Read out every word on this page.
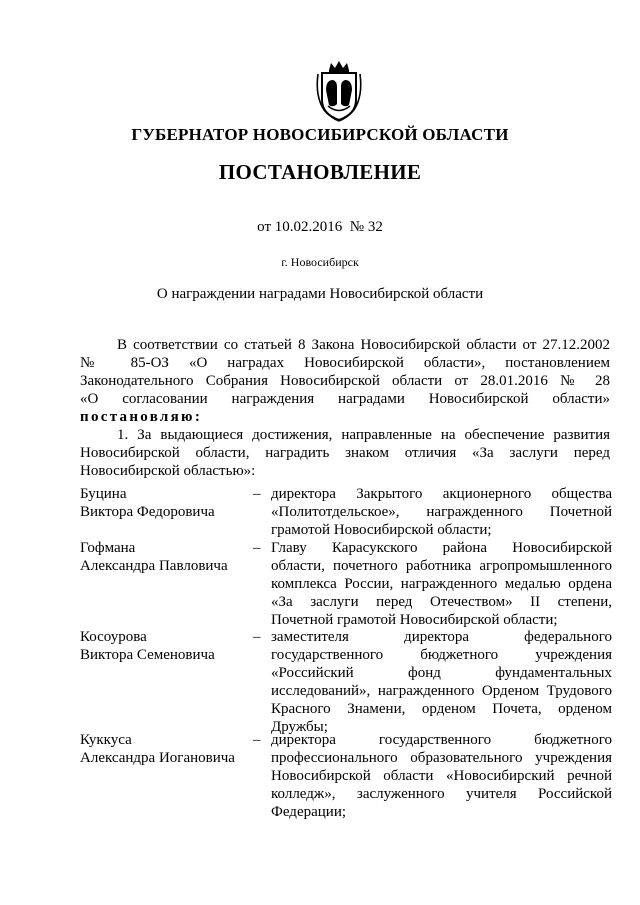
ГУБЕРНАТОР НОВОСИБИРСКОЙ ОБЛАСТИ
ПОСТАНОВЛЕНИЕ
от 10.02.2016  № 32
г. Новосибирск
О награждении наградами Новосибирской области
В соответствии со статьей 8 Закона Новосибирской области от 27.12.2002
№ 85-ОЗ «О наградах Новосибирской области», постановлением
Законодательного Собрания Новосибирской области от 28.01.2016 № 28
«О согласовании награждения наградами Новосибирской области»
постановляю:
1. За выдающиеся достижения, направленные на обеспечение развития
Новосибирской области, наградить знаком отличия «За заслуги перед
Новосибирской областью»:
Буцина
Виктора Федоровича
– директора Закрытого акционерного общества
«Политотдельское», награжденного Почетной
грамотой Новосибирской области;
Гофмана
Александра Павловича
– Главу Карасукского района Новосибирской
области, почетного работника агропромышленного
комплекса России, награжденного медалью ордена
«За заслуги перед Отечеством» II степени,
Почетной грамотой Новосибирской области;
Косоурова
Виктора Семеновича
– заместителя директора федерального
государственного бюджетного учреждения
«Российский фонд фундаментальных
исследований», награжденного Орденом Трудового
Красного Знамени, орденом Почета, орденом
Дружбы;
Куккуса
Александра Иогановича
– директора государственного бюджетного
профессионального образовательного учреждения
Новосибирской области «Новосибирский речной
колледж», заслуженного учителя Российской
Федерации;
